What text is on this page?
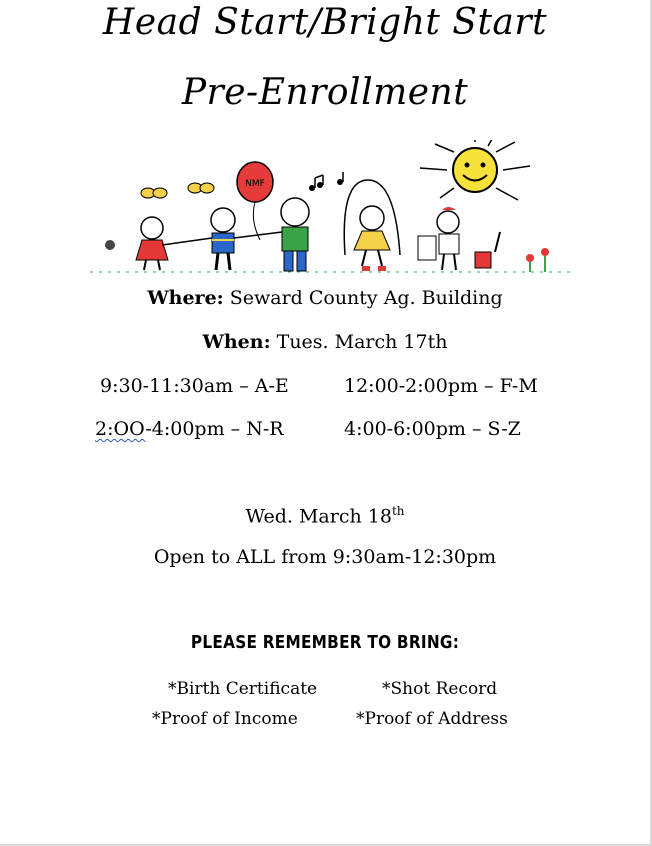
Head Start/Bright Start
Pre-Enrollment
NMF
Where: Seward County Ag. Building
When: Tues. March 17th
9:30-11:30am – A-E	12:00-2:00pm – F-M
2:OO-4:00pm – N-R	4:00-6:00pm – S-Z
Wed. March 18th
Open to ALL from 9:30am-12:30pm
PLEASE REMEMBER TO BRING:
*Birth Certificate	*Shot Record
*Proof of Income	*Proof of Address
